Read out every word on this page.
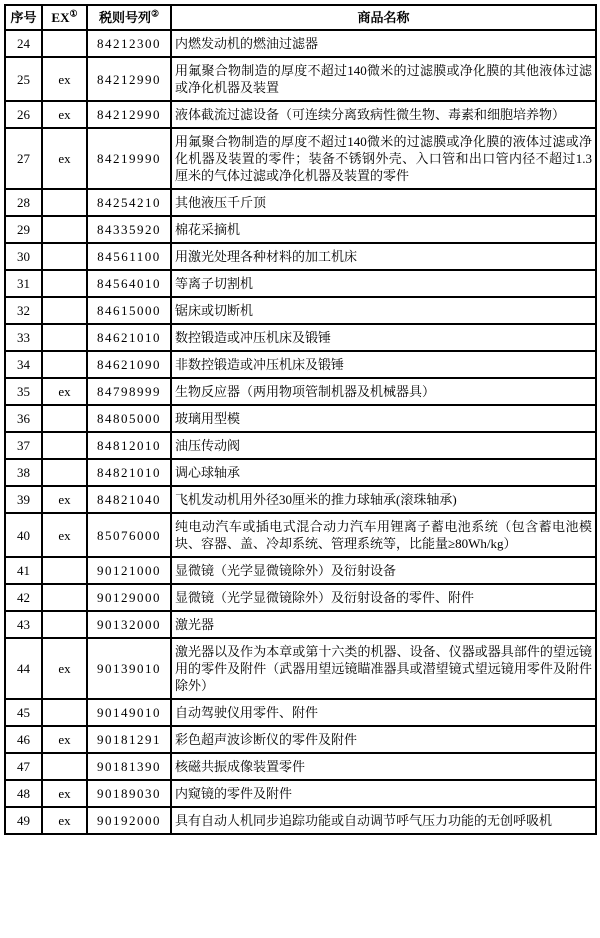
序号	EX①	税则号列②	商品名称
24		84212300	内燃发动机的燃油过滤器
25	ex	84212990	用氟聚合物制造的厚度不超过140微米的过滤膜或净化膜的其他液体过滤或净化机器及装置
26	ex	84212990	液体截流过滤设备（可连续分离致病性微生物、毒素和细胞培养物）
27	ex	84219990	用氟聚合物制造的厚度不超过140微米的过滤膜或净化膜的液体过滤或净化机器及装置的零件；装备不锈钢外壳、入口管和出口管内径不超过1.3厘米的气体过滤或净化机器及装置的零件
28		84254210	其他液压千斤顶
29		84335920	棉花采摘机
30		84561100	用激光处理各种材料的加工机床
31		84564010	等离子切割机
32		84615000	锯床或切断机
33		84621010	数控锻造或冲压机床及锻锤
34		84621090	非数控锻造或冲压机床及锻锤
35	ex	84798999	生物反应器（两用物项管制机器及机械器具）
36		84805000	玻璃用型模
37		84812010	油压传动阀
38		84821010	调心球轴承
39	ex	84821040	飞机发动机用外径30厘米的推力球轴承(滚珠轴承)
40	ex	85076000	纯电动汽车或插电式混合动力汽车用锂离子蓄电池系统（包含蓄电池模块、容器、盖、冷却系统、管理系统等，比能量≥80Wh/kg）
41		90121000	显微镜（光学显微镜除外）及衍射设备
42		90129000	显微镜（光学显微镜除外）及衍射设备的零件、附件
43		90132000	激光器
44	ex	90139010	激光器以及作为本章或第十六类的机器、设备、仪器或器具部件的望远镜用的零件及附件（武器用望远镜瞄准器具或潜望镜式望远镜用零件及附件除外）
45		90149010	自动驾驶仪用零件、附件
46	ex	90181291	彩色超声波诊断仪的零件及附件
47		90181390	核磁共振成像装置零件
48	ex	90189030	内窥镜的零件及附件
49	ex	90192000	具有自动人机同步追踪功能或自动调节呼气压力功能的无创呼吸机
